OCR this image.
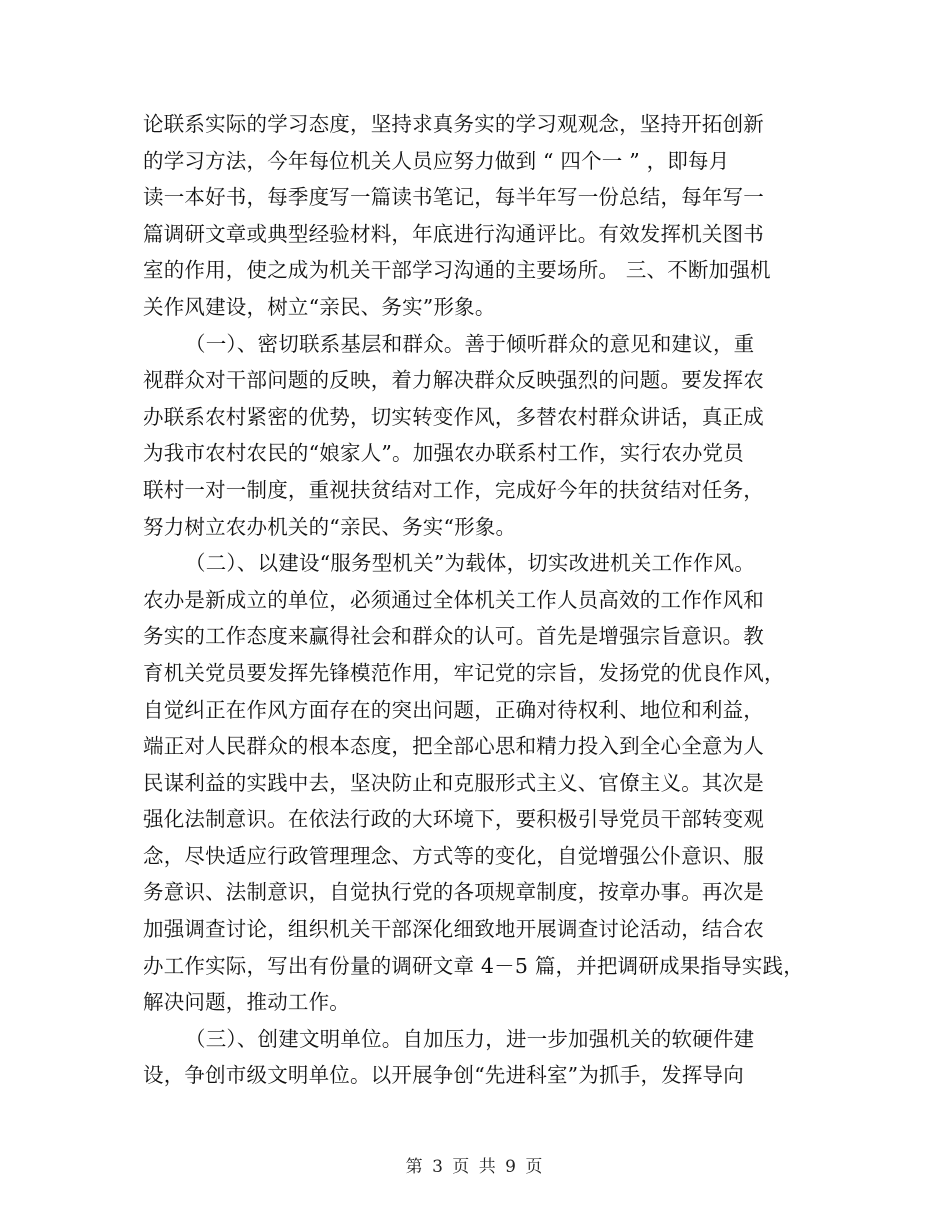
论联系实际的学习态度，坚持求真务实的学习观观念，坚持开拓创新
的学习方法，今年每位机关人员应努力做到 “ 四个一 ” ，即每月
读一本好书，每季度写一篇读书笔记，每半年写一份总结，每年写一
篇调研文章或典型经验材料，年底进行沟通评比。有效发挥机关图书
室的作用，使之成为机关干部学习沟通的主要场所。 三、不断加强机
关作风建设，树立“亲民、务实”形象。
（一）、密切联系基层和群众。善于倾听群众的意见和建议，重
视群众对干部问题的反映，着力解决群众反映强烈的问题。要发挥农
办联系农村紧密的优势，切实转变作风，多替农村群众讲话，真正成
为我市农村农民的“娘家人”。加强农办联系村工作，实行农办党员
联村一对一制度，重视扶贫结对工作，完成好今年的扶贫结对任务，
努力树立农办机关的“亲民、务实“形象。
（二）、以建设“服务型机关”为载体，切实改进机关工作作风。
农办是新成立的单位，必须通过全体机关工作人员高效的工作作风和
务实的工作态度来赢得社会和群众的认可。首先是增强宗旨意识。教
育机关党员要发挥先锋模范作用，牢记党的宗旨，发扬党的优良作风，
自觉纠正在作风方面存在的突出问题，正确对待权利、地位和利益，
端正对人民群众的根本态度，把全部心思和精力投入到全心全意为人
民谋利益的实践中去，坚决防止和克服形式主义、官僚主义。其次是
强化法制意识。在依法行政的大环境下，要积极引导党员干部转变观
念，尽快适应行政管理理念、方式等的变化，自觉增强公仆意识、服
务意识、法制意识，自觉执行党的各项规章制度，按章办事。再次是
加强调查讨论，组织机关干部深化细致地开展调查讨论活动，结合农
办工作实际，写出有份量的调研文章 4－5 篇，并把调研成果指导实践，
解决问题，推动工作。
（三）、创建文明单位。自加压力，进一步加强机关的软硬件建
设，争创市级文明单位。以开展争创“先进科室”为抓手，发挥导向
第 3 页 共 9 页
